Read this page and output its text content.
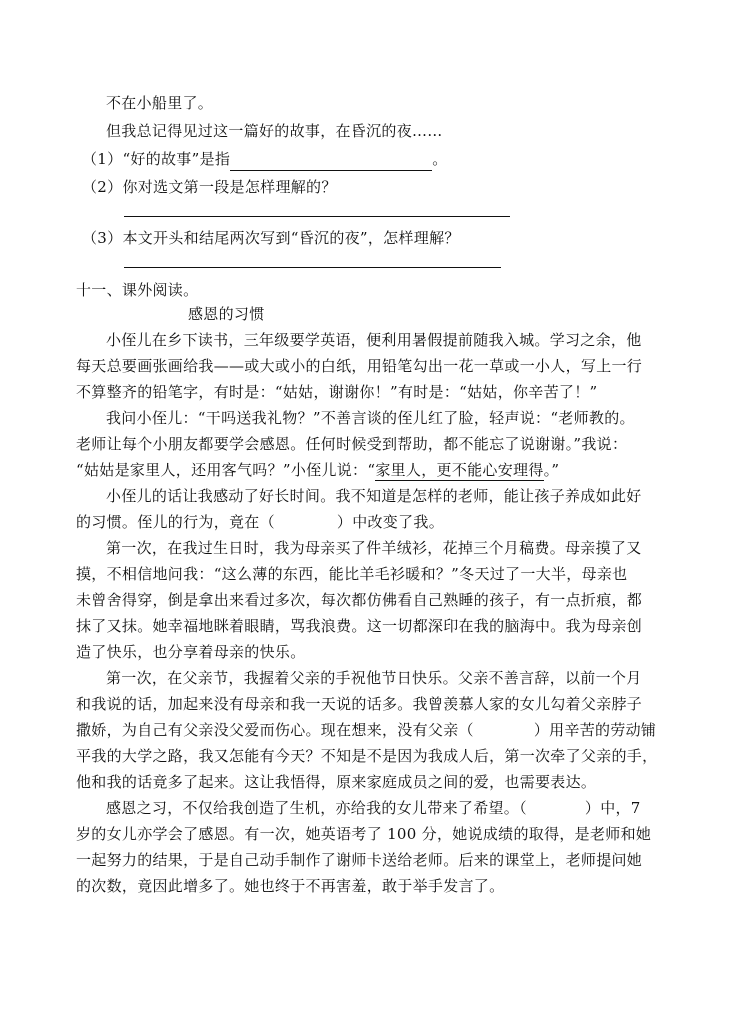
不在小船里了。
但我总记得见过这一篇好的故事，在昏沉的夜……
（1）“好的故事”是指	。
（2）你对选文第一段是怎样理解的？
（3）本文开头和结尾两次写到“昏沉的夜”，怎样理解？
十一、课外阅读。
感恩的习惯
小侄儿在乡下读书，三年级要学英语，便利用暑假提前随我入城。学习之余，他
每天总要画张画给我——或大或小的白纸，用铅笔勾出一花一草或一小人，写上一行
不算整齐的铅笔字，有时是：“姑姑，谢谢你！”有时是：“姑姑，你辛苦了！”
我问小侄儿：“干吗送我礼物？”不善言谈的侄儿红了脸，轻声说：“老师教的。
老师让每个小朋友都要学会感恩。任何时候受到帮助，都不能忘了说谢谢。”我说：
“姑姑是家里人，还用客气吗？”小侄儿说：“家里人，更不能心安理得。”
小侄儿的话让我感动了好长时间。我不知道是怎样的老师，能让孩子养成如此好
的习惯。侄儿的行为，竟在（	）中改变了我。
第一次，在我过生日时，我为母亲买了件羊绒衫，花掉三个月稿费。母亲摸了又
摸，不相信地问我：“这么薄的东西，能比羊毛衫暖和？”冬天过了一大半，母亲也
未曾舍得穿，倒是拿出来看过多次，每次都仿佛看自己熟睡的孩子，有一点折痕，都
抹了又抹。她幸福地眯着眼睛，骂我浪费。这一切都深印在我的脑海中。我为母亲创
造了快乐，也分享着母亲的快乐。
第一次，在父亲节，我握着父亲的手祝他节日快乐。父亲不善言辞，以前一个月
和我说的话，加起来没有母亲和我一天说的话多。我曾羡慕人家的女儿勾着父亲脖子
撒娇，为自己有父亲没父爱而伤心。现在想来，没有父亲（	）用辛苦的劳动铺
平我的大学之路，我又怎能有今天？不知是不是因为我成人后，第一次牵了父亲的手，
他和我的话竟多了起来。这让我悟得，原来家庭成员之间的爱，也需要表达。
感恩之习，不仅给我创造了生机，亦给我的女儿带来了希望。（	）中，7
岁的女儿亦学会了感恩。有一次，她英语考了 100 分，她说成绩的取得，是老师和她
一起努力的结果，于是自己动手制作了谢师卡送给老师。后来的课堂上，老师提问她
的次数，竟因此增多了。她也终于不再害羞，敢于举手发言了。
